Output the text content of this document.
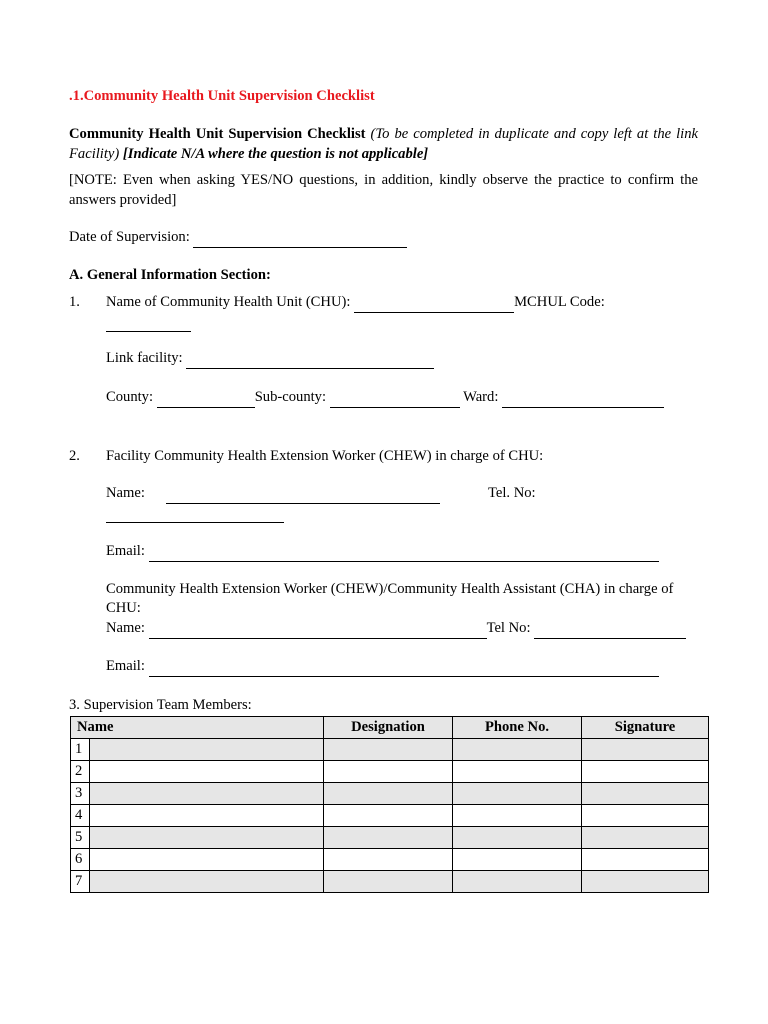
.1.Community Health Unit Supervision Checklist
Community Health Unit Supervision Checklist (To be completed in duplicate and copy left at the link Facility) [Indicate N/A where the question is not applicable]
[NOTE: Even when asking YES/NO questions, in addition, kindly observe the practice to confirm the answers provided]
Date of Supervision:
A. General Information Section:
1. Name of Community Health Unit (CHU):	MCHUL Code:

Link facility:
County:	Sub-county:	Ward:
2. Facility Community Health Extension Worker (CHEW) in charge of CHU:
Name:
	Tel. No:

Email:
Community Health Extension Worker (CHEW)/Community Health Assistant (CHA) in charge of CHU:
Name:	Tel No:
Email:
3. Supervision Team Members:
Name		Designation	Phone No.	Signature
1				
2				
3				
4				
5				
6				
7				
